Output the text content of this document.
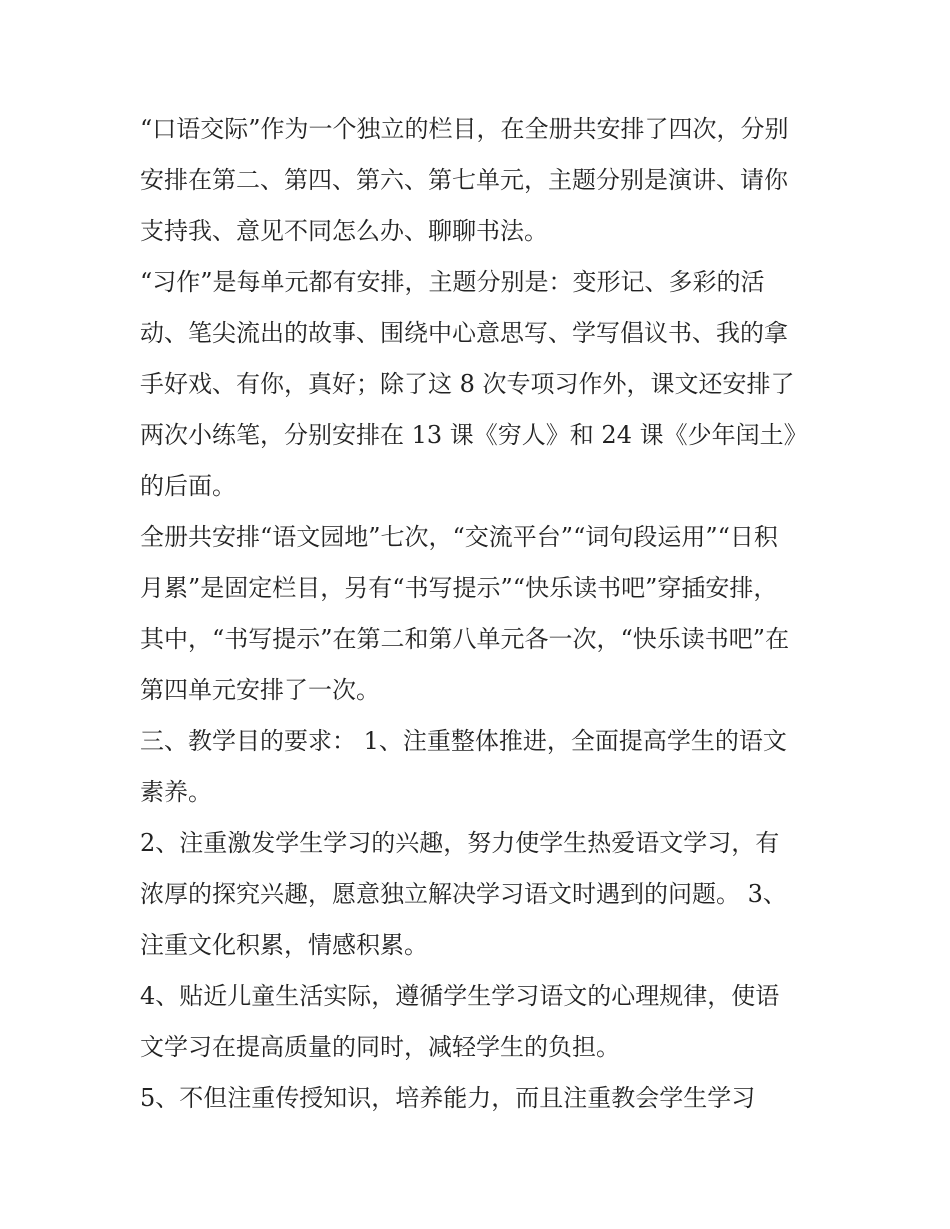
“口语交际”作为一个独立的栏目，在全册共安排了四次，分别
安排在第二、第四、第六、第七单元，主题分别是演讲、请你
支持我、意见不同怎么办、聊聊书法。
“习作”是每单元都有安排，主题分别是：变形记、多彩的活
动、笔尖流出的故事、围绕中心意思写、学写倡议书、我的拿
手好戏、有你，真好；除了这 8 次专项习作外，课文还安排了
两次小练笔，分别安排在 13 课《穷人》和 24 课《少年闰土》
的后面。
全册共安排“语文园地”七次，“交流平台”“词句段运用”“日积
月累”是固定栏目，另有“书写提示”“快乐读书吧”穿插安排，
其中，“书写提示”在第二和第八单元各一次，“快乐读书吧”在
第四单元安排了一次。
三、教学目的要求： 1、注重整体推进，全面提高学生的语文
素养。
2、注重激发学生学习的兴趣，努力使学生热爱语文学习，有
浓厚的探究兴趣，愿意独立解决学习语文时遇到的问题。 3、
注重文化积累，情感积累。
4、贴近儿童生活实际，遵循学生学习语文的心理规律，使语
文学习在提高质量的同时，减轻学生的负担。
5、不但注重传授知识，培养能力，而且注重教会学生学习
